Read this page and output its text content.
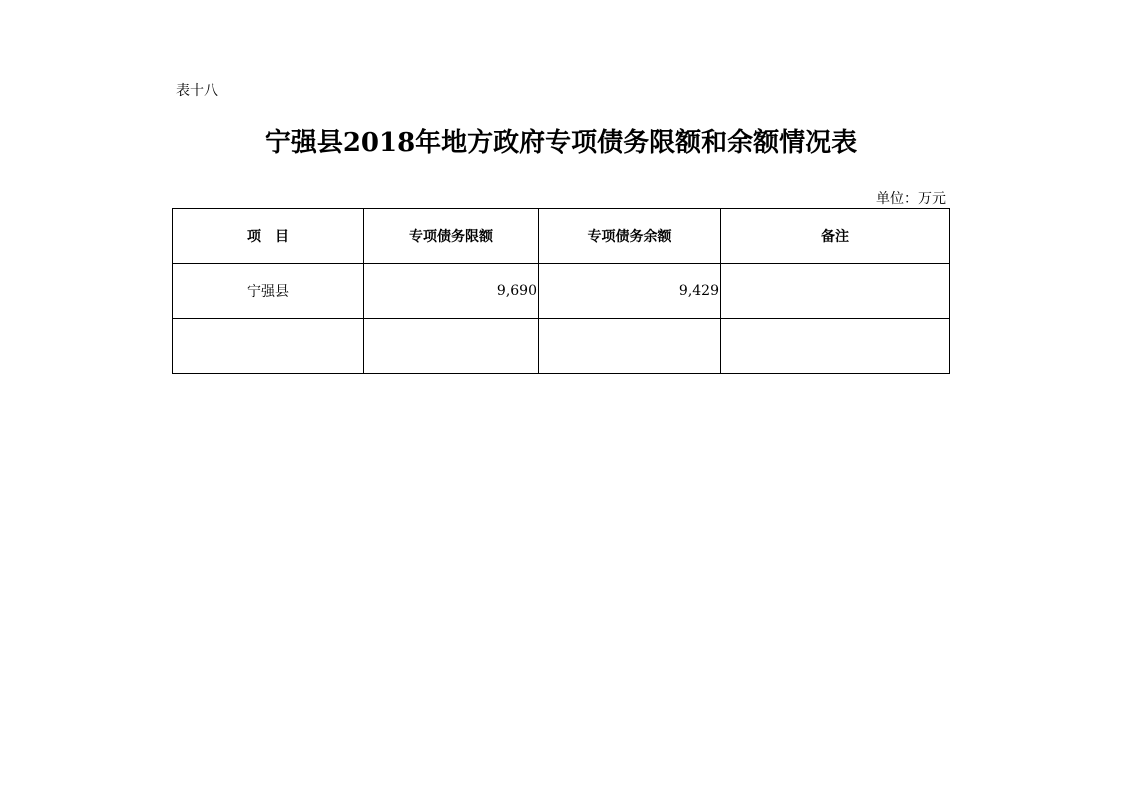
表十八
宁强县2018年地方政府专项债务限额和余额情况表
单位：万元
项　目	专项债务限额	专项债务余额	备注
宁强县	9,690	9,429	
